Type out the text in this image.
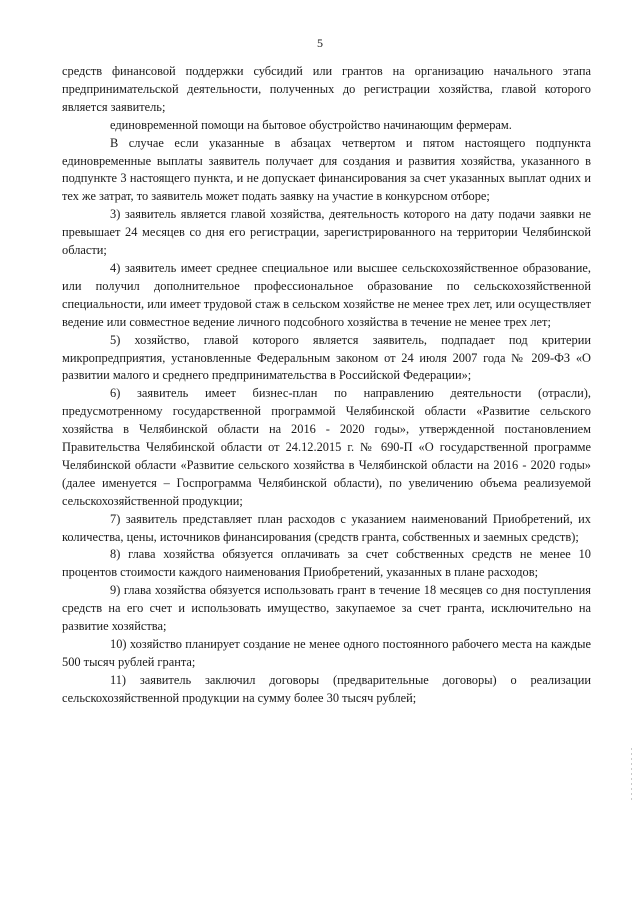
5

средств финансовой поддержки субсидий или грантов на организацию начального этапа предпринимательской деятельности, полученных до регистрации хозяйства, главой которого является заявитель;

единовременной помощи на бытовое обустройство начинающим фермерам.

В случае если указанные в абзацах четвертом и пятом настоящего подпункта единовременные выплаты заявитель получает для создания и развития хозяйства, указанного в подпункте 3 настоящего пункта, и не допускает финансирования за счет указанных выплат одних и тех же затрат, то заявитель может подать заявку на участие в конкурсном отборе;

3) заявитель является главой хозяйства, деятельность которого на дату подачи заявки не превышает 24 месяцев со дня его регистрации, зарегистрированного на территории Челябинской области;

4) заявитель имеет среднее специальное или высшее сельскохозяйственное образование, или получил дополнительное профессиональное образование по сельскохозяйственной специальности, или имеет трудовой стаж в сельском хозяйстве не менее трех лет, или осуществляет ведение или совместное ведение личного подсобного хозяйства в течение не менее трех лет;

5) хозяйство, главой которого является заявитель, подпадает под критерии микропредприятия, установленные Федеральным законом от 24 июля 2007 года № 209-ФЗ «О развитии малого и среднего предпринимательства в Российской Федерации»;

6) заявитель имеет бизнес-план по направлению деятельности (отрасли), предусмотренному государственной программой Челябинской области «Развитие сельского хозяйства в Челябинской области на 2016 - 2020 годы», утвержденной постановлением Правительства Челябинской области от 24.12.2015 г. № 690-П «О государственной программе Челябинской области «Развитие сельского хозяйства в Челябинской области на 2016 - 2020 годы» (далее именуется – Госпрограмма Челябинской области), по увеличению объема реализуемой сельскохозяйственной продукции;

7) заявитель представляет план расходов с указанием наименований Приобретений, их количества, цены, источников финансирования (средств гранта, собственных и заемных средств);

8) глава хозяйства обязуется оплачивать за счет собственных средств не менее 10 процентов стоимости каждого наименования Приобретений, указанных в плане расходов;

9) глава хозяйства обязуется использовать грант в течение 18 месяцев со дня поступления средств на его счет и использовать имущество, закупаемое за счет гранта, исключительно на развитие хозяйства;

10) хозяйство планирует создание не менее одного постоянного рабочего места на каждые 500 тысяч рублей гранта;

11) заявитель заключил договоры (предварительные договоры) о реализации сельскохозяйственной продукции на сумму более 30 тысяч рублей;
